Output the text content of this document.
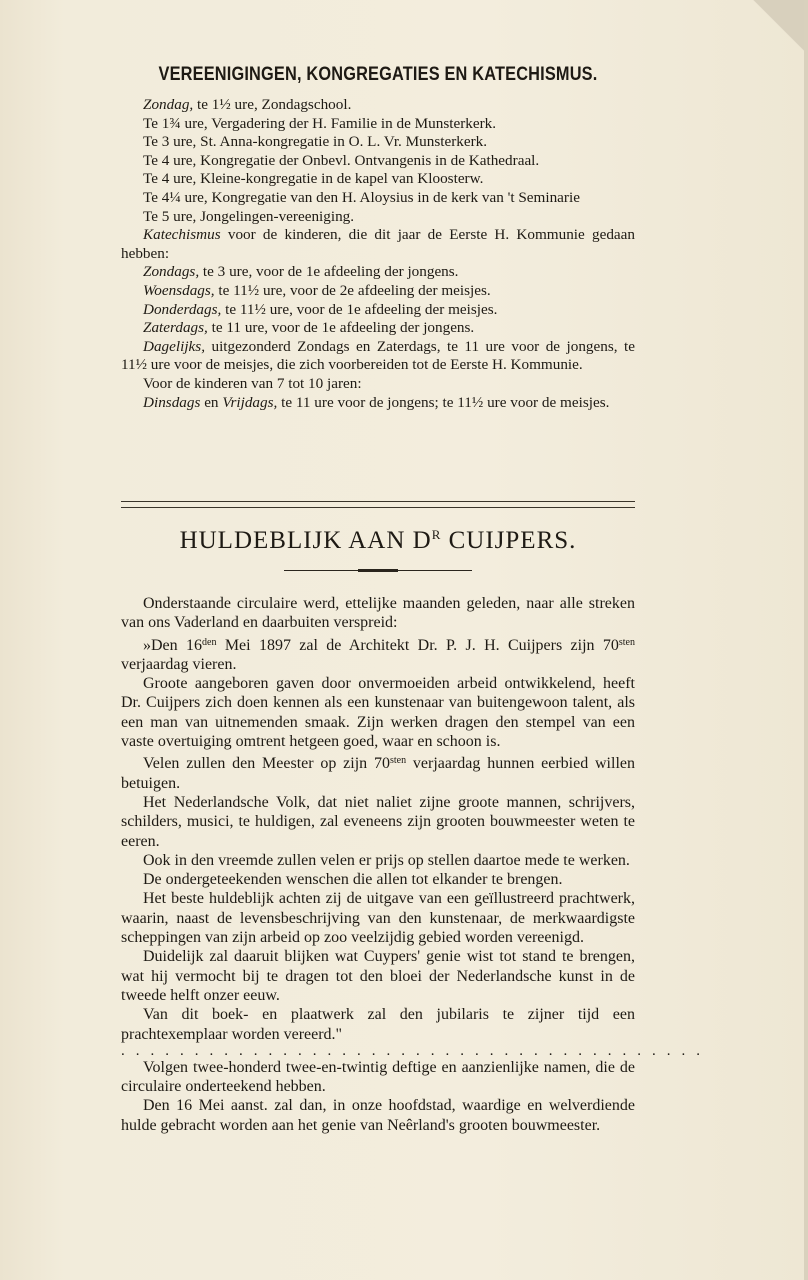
VEREENIGINGEN, KONGREGATIES EN KATECHISMUS.

Zondag, te 1½ ure, Zondagschool.

Te 1¾ ure, Vergadering der H. Familie in de Munsterkerk.

Te 3 ure, St. Anna-kongregatie in O. L. Vr. Munsterkerk.

Te 4 ure, Kongregatie der Onbevl. Ontvangenis in de Kathedraal.

Te 4 ure, Kleine-kongregatie in de kapel van Kloosterw.

Te 4¼ ure, Kongregatie van den H. Aloysius in de kerk van 't Seminarie

Te 5 ure, Jongelingen-vereeniging.

Katechismus voor de kinderen, die dit jaar de Eerste H. Kommunie gedaan hebben:

Zondags, te 3 ure, voor de 1e afdeeling der jongens.

Woensdags, te 11½ ure, voor de 2e afdeeling der meisjes.

Donderdags, te 11½ ure, voor de 1e afdeeling der meisjes.

Zaterdags, te 11 ure, voor de 1e afdeeling der jongens.

Dagelijks, uitgezonderd Zondags en Zaterdags, te 11 ure voor de jongens, te 11½ ure voor de meisjes, die zich voorbereiden tot de Eerste H. Kommunie.

Voor de kinderen van 7 tot 10 jaren:

Dinsdags en Vrijdags, te 11 ure voor de jongens; te 11½ ure voor de meisjes.

HULDEBLIJK AAN $D^R$ CUIJPERS.

Onderstaande circulaire werd, ettelijke maanden geleden, naar alle streken van ons Vaderland en daarbuiten verspreid:

»Den $16^{den}$ Mei 1897 zal de Architekt Dr. P. J. H. Cuijpers zijn $70^{sten}$ verjaardag vieren.

Groote aangeboren gaven door onvermoeiden arbeid ontwikkelend, heeft Dr. Cuijpers zich doen kennen als een kunstenaar van buitengewoon talent, als een man van uitnemenden smaak. Zijn werken dragen den stempel van een vaste overtuiging omtrent hetgeen goed, waar en schoon is.

Velen zullen den Meester op zijn $70^{sten}$ verjaardag hunnen eerbied willen betuigen.

Het Nederlandsche Volk, dat niet naliet zijne groote mannen, schrijvers, schilders, musici, te huldigen, zal eveneens zijn grooten bouwmeester weten te eeren.

Ook in den vreemde zullen velen er prijs op stellen daartoe mede te werken.

De ondergeteekenden wenschen die allen tot elkander te brengen.

Het beste huldeblijk achten zij de uitgave van een geïllustreerd prachtwerk, waarin, naast de levensbeschrijving van den kunstenaar, de merkwaardigste scheppingen van zijn arbeid op zoo veelzijdig gebied worden vereenigd.

Duidelijk zal daaruit blijken wat Cuypers' genie wist tot stand te brengen, wat hij vermocht bij te dragen tot den bloei der Nederlandsche kunst in de tweede helft onzer eeuw.

Van dit boek- en plaatwerk zal den jubilaris te zijner tijd een prachtexemplaar worden vereerd."

........................................

Volgen twee-honderd twee-en-twintig deftige en aanzienlijke namen, die de circulaire onderteekend hebben.

Den 16 Mei aanst. zal dan, in onze hoofdstad, waardige en welverdiende hulde gebracht worden aan het genie van Neêrland's grooten bouwmeester.
